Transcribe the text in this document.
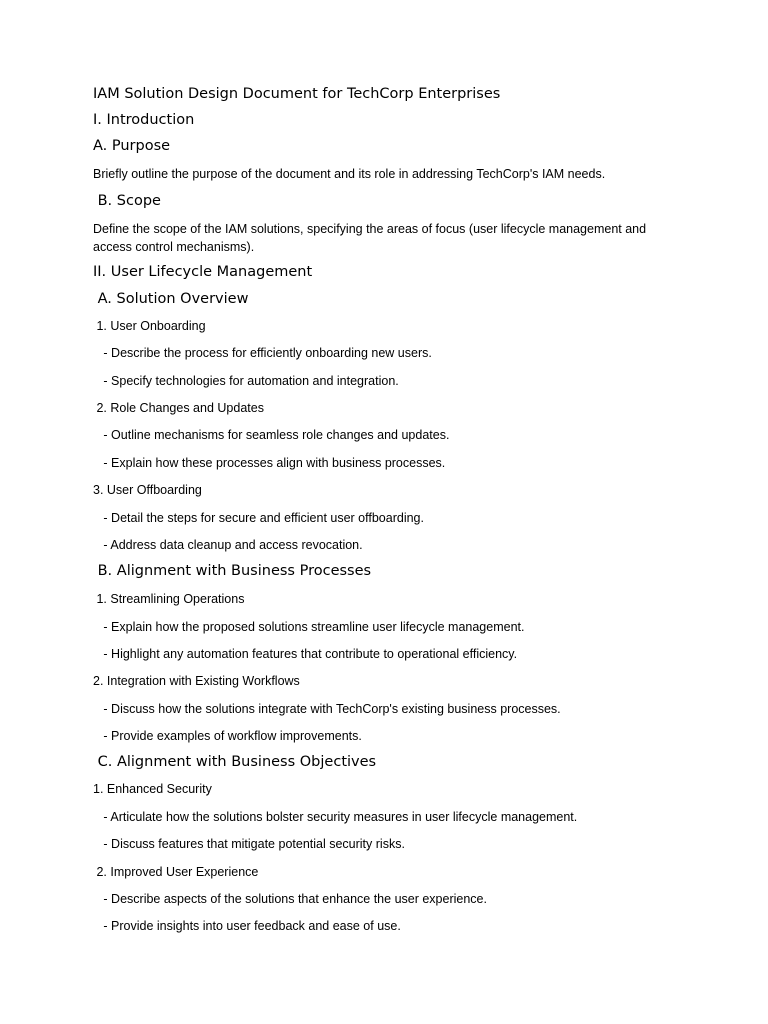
IAM Solution Design Document for TechCorp Enterprises
I. Introduction
A. Purpose
Briefly outline the purpose of the document and its role in addressing TechCorp's IAM needs.
B. Scope
Define the scope of the IAM solutions, specifying the areas of focus (user lifecycle management and access control mechanisms).
II. User Lifecycle Management
A. Solution Overview
1. User Onboarding
- Describe the process for efficiently onboarding new users.
- Specify technologies for automation and integration.
2. Role Changes and Updates
- Outline mechanisms for seamless role changes and updates.
- Explain how these processes align with business processes.
3. User Offboarding
- Detail the steps for secure and efficient user offboarding.
- Address data cleanup and access revocation.
B. Alignment with Business Processes
1. Streamlining Operations
- Explain how the proposed solutions streamline user lifecycle management.
- Highlight any automation features that contribute to operational efficiency.
2. Integration with Existing Workflows
- Discuss how the solutions integrate with TechCorp's existing business processes.
- Provide examples of workflow improvements.
C. Alignment with Business Objectives
1. Enhanced Security
- Articulate how the solutions bolster security measures in user lifecycle management.
- Discuss features that mitigate potential security risks.
2. Improved User Experience
- Describe aspects of the solutions that enhance the user experience.
- Provide insights into user feedback and ease of use.
